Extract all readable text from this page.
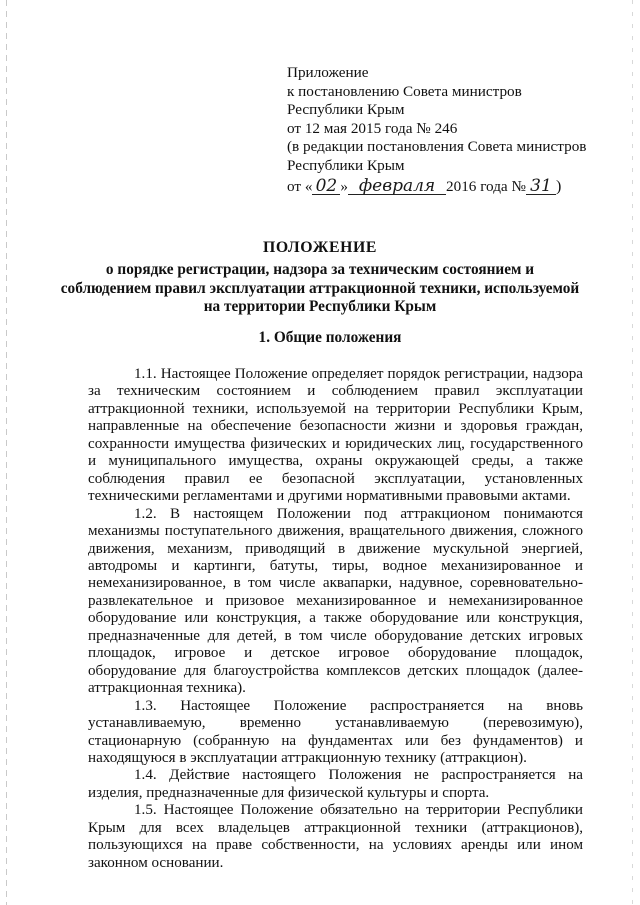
Приложение
к постановлению Совета министров
Республики Крым
от 12 мая 2015 года № 246
(в редакции постановления Совета министров
Республики Крым
от « 02 » февраля 2016 года № 31 )
ПОЛОЖЕНИЕ
о порядке регистрации, надзора за техническим состоянием и
соблюдением правил эксплуатации аттракционной техники, используемой
на территории Республики Крым
1. Общие положения

1.1. Настоящее Положение определяет порядок регистрации, надзора за техническим состоянием и соблюдением правил эксплуатации аттракционной техники, используемой на территории Республики Крым, направленные на обеспечение безопасности жизни и здоровья граждан, сохранности имущества физических и юридических лиц, государственного и муниципального имущества, охраны окружающей среды, а также соблюдения правил ее безопасной эксплуатации, установленных техническими регламентами и другими нормативными правовыми актами.

1.2. В настоящем Положении под аттракционом понимаются механизмы поступательного движения, вращательного движения, сложного движения, механизм, приводящий в движение мускульной энергией, автодромы и картинги, батуты, тиры, водное механизированное и немеханизированное, в том числе аквапарки, надувное, соревновательно-развлекательное и призовое механизированное и немеханизированное оборудование или конструкция, а также оборудование или конструкция, предназначенные для детей, в том числе оборудование детских игровых площадок, игровое и детское игровое оборудование площадок, оборудование для благоустройства комплексов детских площадок (далее-аттракционная техника).

1.3. Настоящее Положение распространяется на вновь устанавливаемую, временно устанавливаемую (перевозимую), стационарную (собранную на фундаментах или без фундаментов) и находящуюся в эксплуатации аттракционную технику (аттракцион).

1.4. Действие настоящего Положения не распространяется на изделия, предназначенные для физической культуры и спорта.

1.5. Настоящее Положение обязательно на территории Республики Крым для всех владельцев аттракционной техники (аттракционов), пользующихся на праве собственности, на условиях аренды или ином законном основании.
